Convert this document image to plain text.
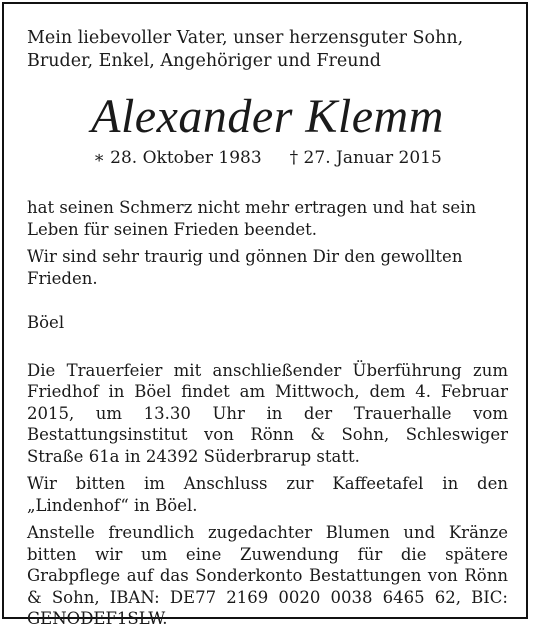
Mein liebevoller Vater, unser herzensguter Sohn, Bruder, Enkel, Angehöriger und Freund

Alexander Klemm
∗ 28. Oktober 1983 † 27. Januar 2015

hat seinen Schmerz nicht mehr ertragen und hat sein Leben für seinen Frieden beendet.

Wir sind sehr traurig und gönnen Dir den gewollten Frieden.

Böel

Die Trauerfeier mit anschließender Überführung zum Friedhof in Böel findet am Mittwoch, dem 4. Februar 2015, um 13.30 Uhr in der Trauerhalle vom Bestattungsinstitut von Rönn & Sohn, Schleswiger Straße 61a in 24392 Süderbrarup statt.

Wir bitten im Anschluss zur Kaffeetafel in den „Lindenhof“ in Böel.

Anstelle freundlich zugedachter Blumen und Kränze bitten wir um eine Zuwendung für die spätere Grabpflege auf das Sonderkonto Bestattungen von Rönn & Sohn, IBAN: DE77 2169 0020 0038 6465 62, BIC: GENODEF1SLW.
